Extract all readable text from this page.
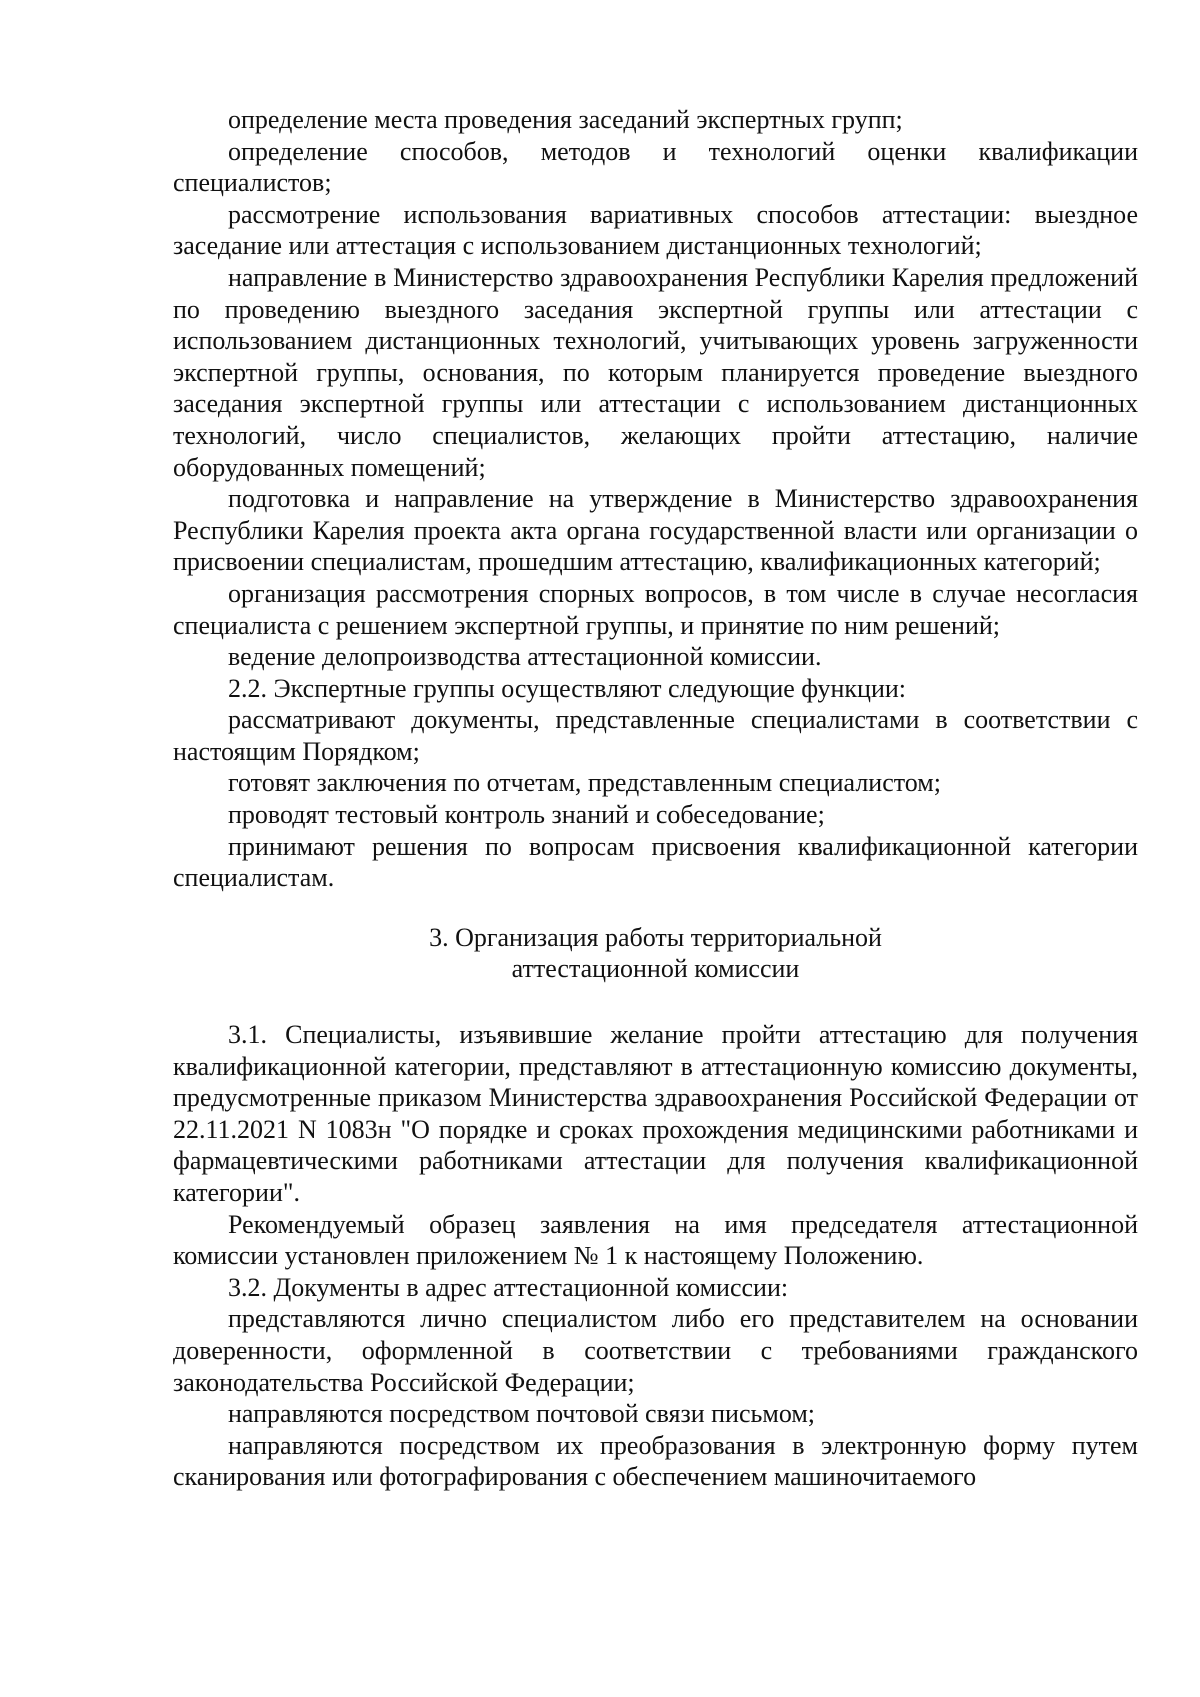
определение места проведения заседаний экспертных групп;

определение способов, методов и технологий оценки квалификации специалистов;

рассмотрение использования вариативных способов аттестации: выездное заседание или аттестация с использованием дистанционных технологий;

направление в Министерство здравоохранения Республики Карелия предложений по проведению выездного заседания экспертной группы или аттестации с использованием дистанционных технологий, учитывающих уровень загруженности экспертной группы, основания, по которым планируется проведение выездного заседания экспертной группы или аттестации с использованием дистанционных технологий, число специалистов, желающих пройти аттестацию, наличие оборудованных помещений;

подготовка и направление на утверждение в Министерство здравоохранения Республики Карелия проекта акта органа государственной власти или организации о присвоении специалистам, прошедшим аттестацию, квалификационных категорий;

организация рассмотрения спорных вопросов, в том числе в случае несогласия специалиста с решением экспертной группы, и принятие по ним решений;

ведение делопроизводства аттестационной комиссии.

2.2. Экспертные группы осуществляют следующие функции:

рассматривают документы, представленные специалистами в соответствии с настоящим Порядком;

готовят заключения по отчетам, представленным специалистом;

проводят тестовый контроль знаний и собеседование;

принимают решения по вопросам присвоения квалификационной категории специалистам.

3. Организация работы территориальной

аттестационной комиссии

3.1. Специалисты, изъявившие желание пройти аттестацию для получения квалификационной категории, представляют в аттестационную комиссию документы, предусмотренные приказом Министерства здравоохранения Российской Федерации от 22.11.2021 N 1083н "О порядке и сроках прохождения медицинскими работниками и фармацевтическими работниками аттестации для получения квалификационной категории".

Рекомендуемый образец заявления на имя председателя аттестационной комиссии установлен приложением № 1 к настоящему Положению.

3.2. Документы в адрес аттестационной комиссии:

представляются лично специалистом либо его представителем на основании доверенности, оформленной в соответствии с требованиями гражданского законодательства Российской Федерации;

направляются посредством почтовой связи письмом;

направляются посредством их преобразования в электронную форму путем сканирования или фотографирования с обеспечением машиночитаемого
